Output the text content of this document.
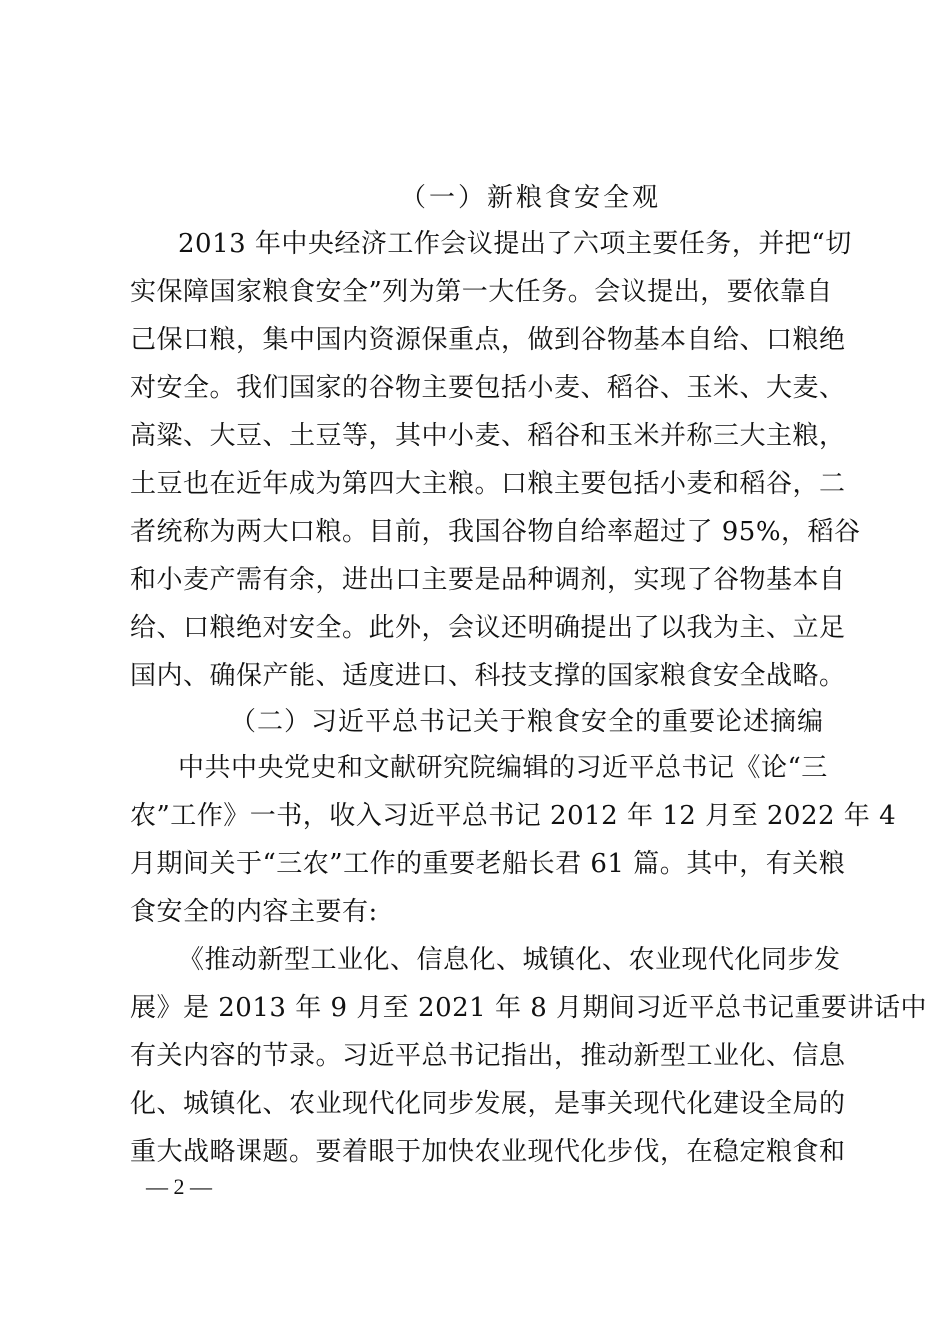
（一）新粮食安全观
2013 年中央经济工作会议提出了六项主要任务，并把“切
实保障国家粮食安全”列为第一大任务。会议提出，要依靠自
己保口粮，集中国内资源保重点，做到谷物基本自给、口粮绝
对安全。我们国家的谷物主要包括小麦、稻谷、玉米、大麦、
高粱、大豆、土豆等，其中小麦、稻谷和玉米并称三大主粮，
土豆也在近年成为第四大主粮。口粮主要包括小麦和稻谷，二
者统称为两大口粮。目前，我国谷物自给率超过了 95%，稻谷
和小麦产需有余，进出口主要是品种调剂，实现了谷物基本自
给、口粮绝对安全。此外，会议还明确提出了以我为主、立足
国内、确保产能、适度进口、科技支撑的国家粮食安全战略。
（二）习近平总书记关于粮食安全的重要论述摘编
中共中央党史和文献研究院编辑的习近平总书记《论“三
农”工作》一书，收入习近平总书记 2012 年 12 月至 2022 年 4
月期间关于“三农”工作的重要老船长君 61 篇。其中，有关粮
食安全的内容主要有:
《推动新型工业化、信息化、城镇化、农业现代化同步发
展》是 2013 年 9 月至 2021 年 8 月期间习近平总书记重要讲话中
有关内容的节录。习近平总书记指出，推动新型工业化、信息
化、城镇化、农业现代化同步发展，是事关现代化建设全局的
重大战略课题。要着眼于加快农业现代化步伐，在稳定粮食和
— 2 —
